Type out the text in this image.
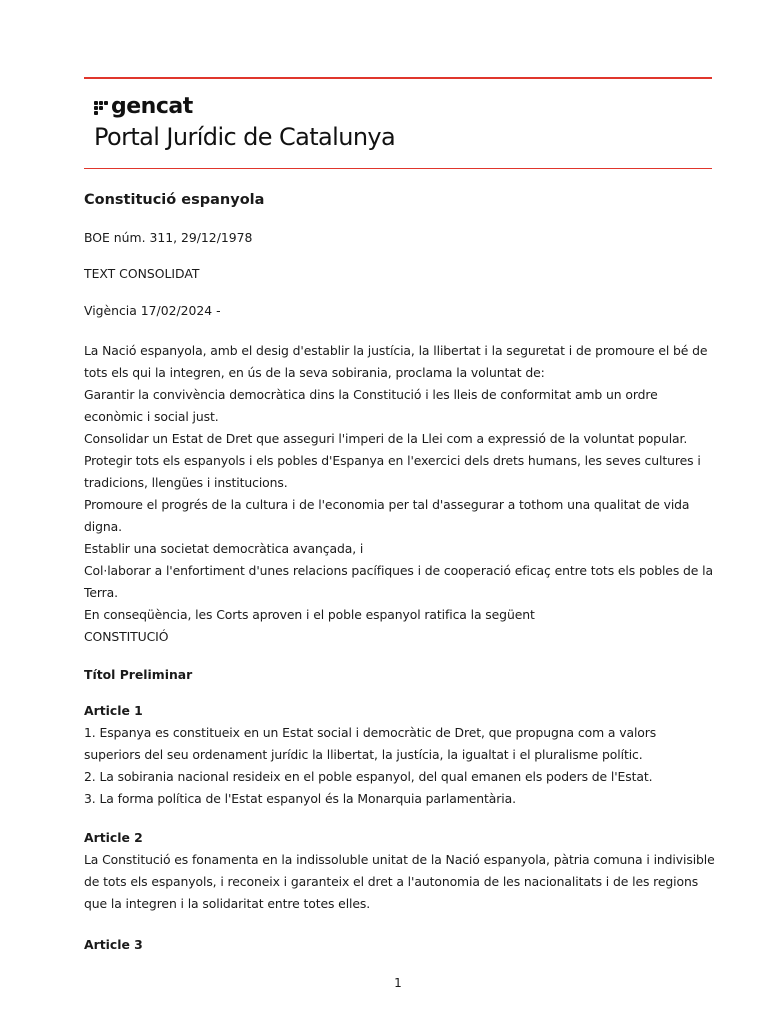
gencat
Portal Jurídic de Catalunya
Constitució espanyola
BOE núm. 311, 29/12/1978
TEXT CONSOLIDAT
Vigència 17/02/2024 -

La Nació espanyola, amb el desig d'establir la justícia, la llibertat i la seguretat i de promoure el bé de tots els qui la integren, en ús de la seva sobirania, proclama la voluntat de:

Garantir la convivència democràtica dins la Constitució i les lleis de conformitat amb un ordre econòmic i social just.

Consolidar un Estat de Dret que asseguri l'imperi de la Llei com a expressió de la voluntat popular.

Protegir tots els espanyols i els pobles d'Espanya en l'exercici dels drets humans, les seves cultures i tradicions, llengües i institucions.

Promoure el progrés de la cultura i de l'economia per tal d'assegurar a tothom una qualitat de vida digna.

Establir una societat democràtica avançada, i

Col·laborar a l'enfortiment d'unes relacions pacífiques i de cooperació eficaç entre tots els pobles de la Terra.

En conseqüència, les Corts aproven i el poble espanyol ratifica la següent

CONSTITUCIÓ

Títol Preliminar
Article 1

1. Espanya es constitueix en un Estat social i democràtic de Dret, que propugna com a valors superiors del seu ordenament jurídic la llibertat, la justícia, la igualtat i el pluralisme polític.

2. La sobirania nacional resideix en el poble espanyol, del qual emanen els poders de l'Estat.

3. La forma política de l'Estat espanyol és la Monarquia parlamentària.

Article 2

La Constitució es fonamenta en la indissoluble unitat de la Nació espanyola, pàtria comuna i indivisible de tots els espanyols, i reconeix i garanteix el dret a l'autonomia de les nacionalitats i de les regions que la integren i la solidaritat entre totes elles.

Article 3
1
